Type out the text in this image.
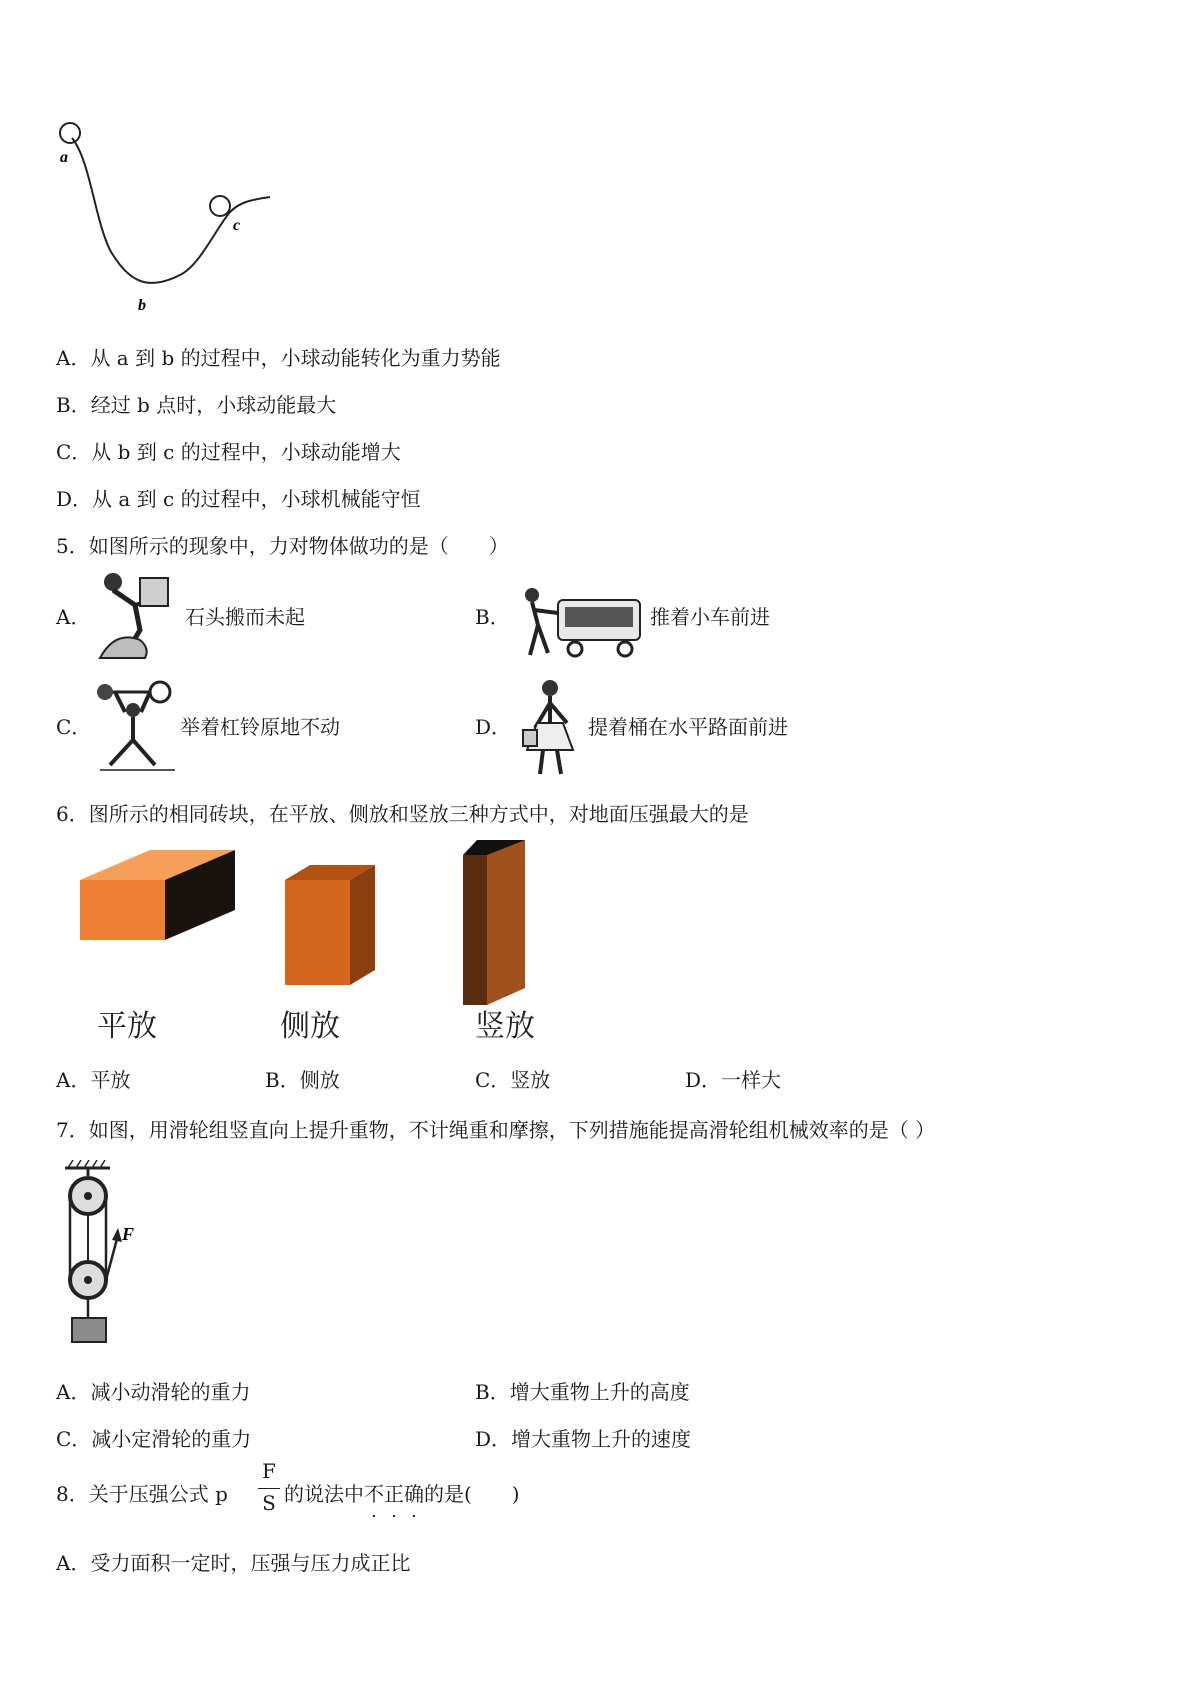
a
b
c
A．从 a 到 b 的过程中，小球动能转化为重力势能
B．经过 b 点时，小球动能最大
C．从 b 到 c 的过程中，小球动能增大
D．从 a 到 c 的过程中，小球机械能守恒
5．如图所示的现象中，力对物体做功的是（　　）
A．	石头搬而未起	B．	推着小车前进
C．	举着杠铃原地不动	D．	提着桶在水平路面前进
6．图所示的相同砖块，在平放、侧放和竖放三种方式中，对地面压强最大的是
平放	侧放	竖放
A．平放	B．侧放	C．竖放	D．一样大
7．如图，用滑轮组竖直向上提升重物，不计绳重和摩擦，下列措施能提高滑轮组机械效率的是（ ）
F
A．减小动滑轮的重力	B．增大重物上升的高度
C．减小定滑轮的重力	D．增大重物上升的速度
8．关于压强公式 p
F
S 的说法中不正确的是(　　)
A．受力面积一定时，压强与压力成正比
